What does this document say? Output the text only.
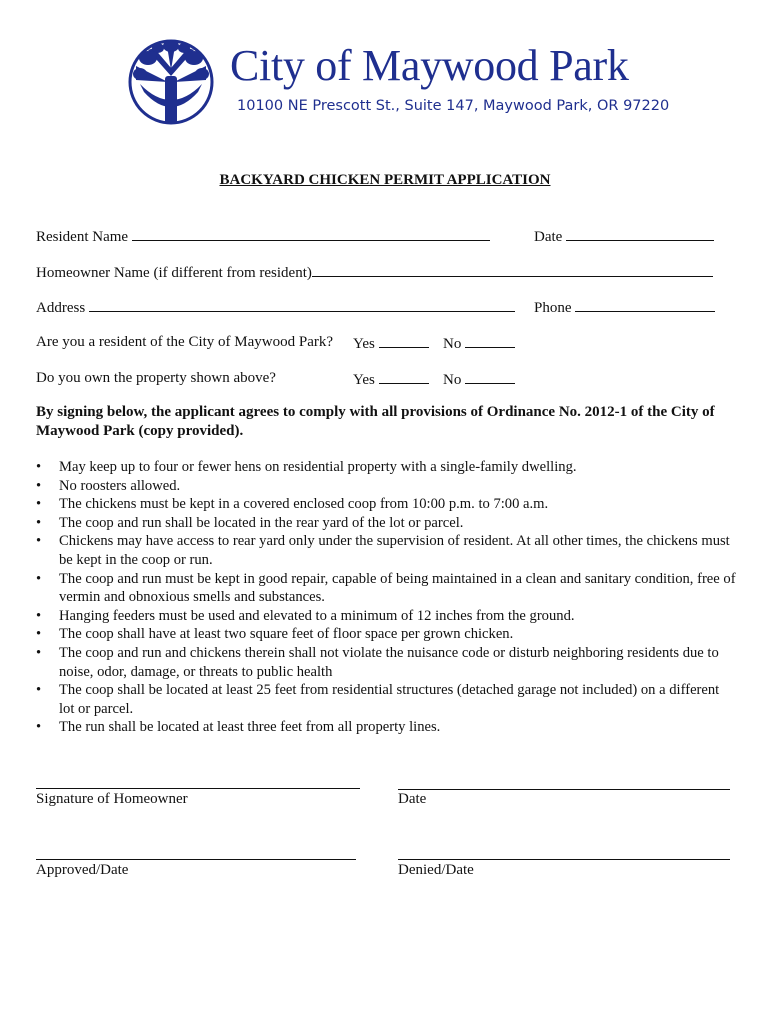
City of Maywood Park
10100 NE Prescott St., Suite 147, Maywood Park, OR 97220
BACKYARD CHICKEN PERMIT APPLICATION
Resident Name	Date
Homeowner Name (if different from resident)
Address	Phone
Are you a resident of the City of Maywood Park? Yes	No
Do you own the property shown above?	Yes	No
By signing below, the applicant agrees to comply with all provisions of Ordinance No. 2012-1 of the City of Maywood Park (copy provided).
• May keep up to four or fewer hens on residential property with a single-family dwelling.
• No roosters allowed.
• The chickens must be kept in a covered enclosed coop from 10:00 p.m. to 7:00 a.m.
• The coop and run shall be located in the rear yard of the lot or parcel.
• Chickens may have access to rear yard only under the supervision of resident. At all other times, the chickens must be kept in the coop or run.
• The coop and run must be kept in good repair, capable of being maintained in a clean and sanitary condition, free of vermin and obnoxious smells and substances.
• Hanging feeders must be used and elevated to a minimum of 12 inches from the ground.
• The coop shall have at least two square feet of floor space per grown chicken.
• The coop and run and chickens therein shall not violate the nuisance code or disturb neighboring residents due to noise, odor, damage, or threats to public health
• The coop shall be located at least 25 feet from residential structures (detached garage not included) on a different lot or parcel.
• The run shall be located at least three feet from all property lines.
Signature of Homeowner	Date
Approved/Date	Denied/Date
